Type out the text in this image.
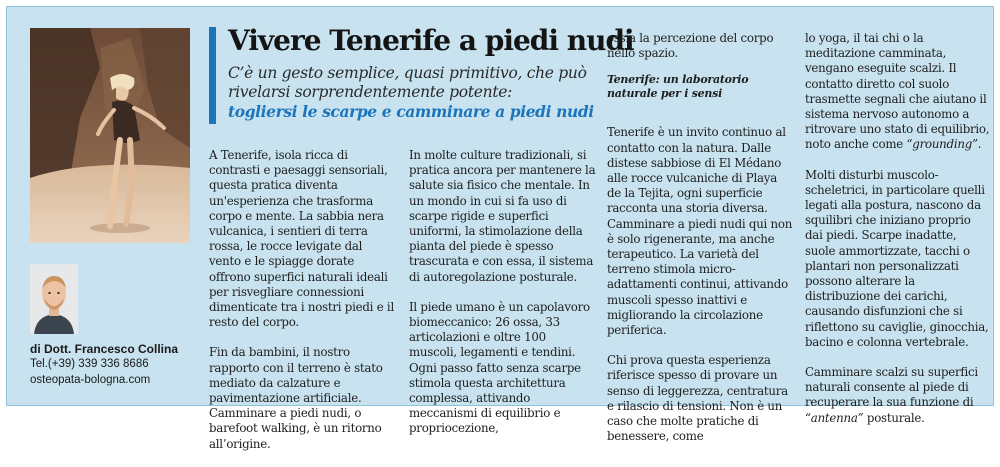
di Dott. Francesco Collina
Tel.(+39) 339 336 8686
osteopata-bologna.com
Vivere Tenerife a piedi nudi

C’è un gesto semplice, quasi primitivo, che può rivelarsi sorprendentemente potente:

togliersi le scarpe e camminare a piedi nudi

A Tenerife, isola ricca di contrasti e paesaggi sensoriali, questa pratica diventa un'esperienza che trasforma corpo e mente. La sabbia nera vulcanica, i sentieri di terra rossa, le rocce levigate dal vento e le spiagge dorate offrono superfici naturali ideali per risvegliare connessioni dimenticate tra i nostri piedi e il resto del corpo.

Fin da bambini, il nostro rapporto con il terreno è stato mediato da calzature e pavimentazione artificiale.

Camminare a piedi nudi, o barefoot walking, è un ritorno all’origine.

In molte culture tradizionali, si pratica ancora per mantenere la salute sia fisico che mentale. In un mondo in cui si fa uso di scarpe rigide e superfici uniformi, la stimolazione della pianta del piede è spesso trascurata e con essa, il sistema di autoregolazione posturale.

Il piede umano è un capolavoro biomeccanico: 26 ossa, 33 articolazioni e oltre 100 muscoli, legamenti e tendini. Ogni passo fatto senza scarpe stimola questa architettura complessa, attivando meccanismi di equilibrio e propriocezione,

ossia la percezione del corpo nello spazio.

Tenerife: un laboratorio naturale per i sensi

Tenerife è un invito continuo al contatto con la natura. Dalle distese sabbiose di El Médano alle rocce vulcaniche di Playa de la Tejita, ogni superficie racconta una storia diversa. Camminare a piedi nudi qui non è solo rigenerante, ma anche terapeutico. La varietà del terreno stimola micro-adattamenti continui, attivando muscoli spesso inattivi e migliorando la circolazione periferica.

Chi prova questa esperienza riferisce spesso di provare un senso di leggerezza, centratura e rilascio di tensioni. Non è un caso che molte pratiche di benessere, come

lo yoga, il tai chi o la meditazione camminata, vengano eseguite scalzi. Il contatto diretto col suolo trasmette segnali che aiutano il sistema nervoso autonomo a ritrovare uno stato di equilibrio, noto anche come “grounding”.

Molti disturbi muscolo-scheletrici, in particolare quelli legati alla postura, nascono da squilibri che iniziano proprio dai piedi. Scarpe inadatte, suole ammortizzate, tacchi o plantari non personalizzati possono alterare la distribuzione dei carichi, causando disfunzioni che si riflettono su caviglie, ginocchia, bacino e colonna vertebrale.

Camminare scalzi su superfici naturali consente al piede di recuperare la sua funzione di “antenna” posturale.
